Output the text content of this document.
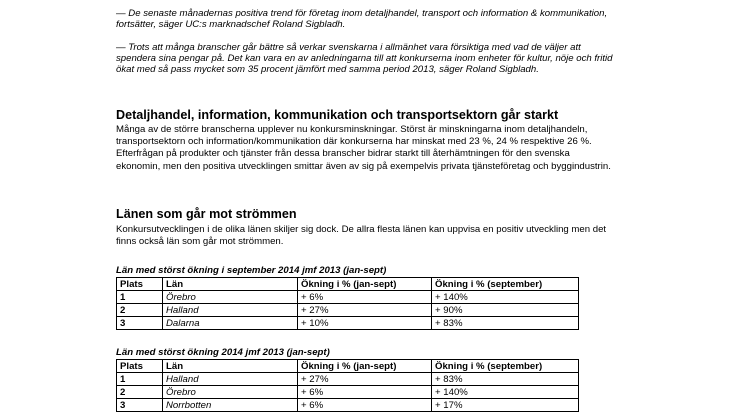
— De senaste månadernas positiva trend för företag inom detaljhandel, transport och information & kommunikation, fortsätter, säger UC:s marknadschef Roland Sigbladh.

— Trots att många branscher går bättre så verkar svenskarna i allmänhet vara försiktiga med vad de väljer att spendera sina pengar på. Det kan vara en av anledningarna till att konkurserna inom enheter för kultur, nöje och fritid ökat med så pass mycket som 35 procent jämfört med samma period 2013, säger Roland Sigbladh.

Detaljhandel, information, kommunikation och transportsektorn går starkt

Många av de större branscherna upplever nu konkursminskningar. Störst är minskningarna inom detaljhandeln, transportsektorn och information/kommunikation där konkurserna har minskat med 23 %, 24 % respektive 26 %. Efterfrågan på produkter och tjänster från dessa branscher bidrar starkt till återhämtningen för den svenska ekonomin, men den positiva utvecklingen smittar även av sig på exempelvis privata tjänsteföretag och byggindustrin.

Länen som går mot strömmen

Konkursutvecklingen i de olika länen skiljer sig dock. De allra flesta länen kan uppvisa en positiv utveckling men det finns också län som går mot strömmen.

Län med störst ökning i september 2014 jmf 2013 (jan-sept)

Plats	Län	Ökning i % (jan-sept)	Ökning i % (september)
1	Örebro	+ 6%	+ 140%
2	Halland	+ 27%	+ 90%
3	Dalarna	+ 10%	+ 83%

Län med störst ökning 2014 jmf 2013 (jan-sept)

Plats	Län	Ökning i % (jan-sept)	Ökning i % (september)
1	Halland	+ 27%	+ 83%
2	Örebro	+ 6%	+ 140%
3	Norrbotten	+ 6%	+ 17%
